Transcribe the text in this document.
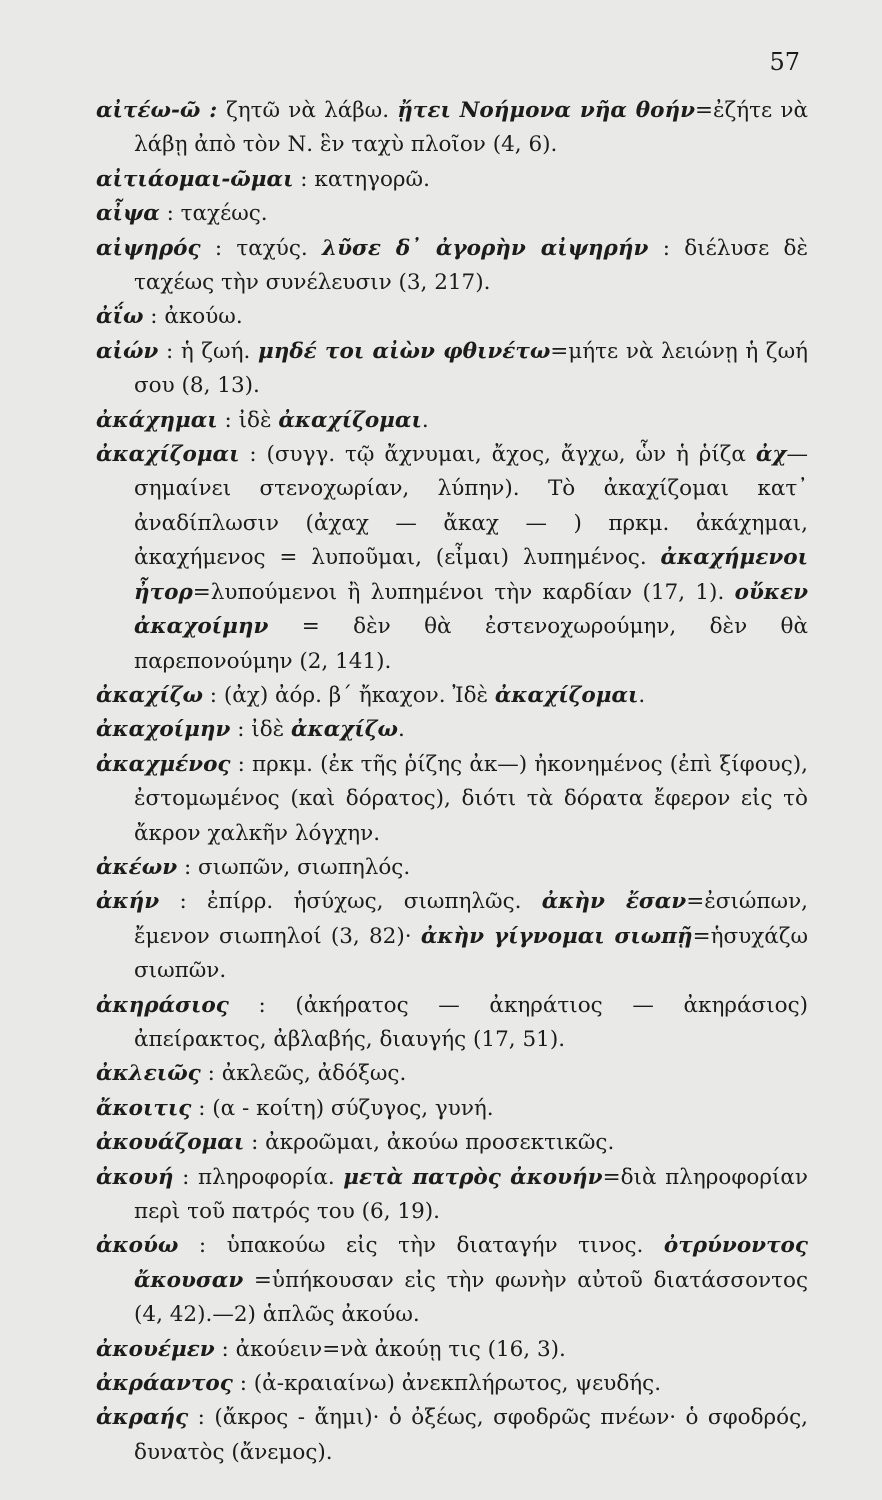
57
αἰτέω-ῶ : ζητῶ νὰ λάβω. ᾔτει Νοήμονα νῆα θοήν=ἐζήτε νὰ λάβῃ ἀπὸ τὸν Ν. ἓν ταχὺ πλοῖον (4, 6).
αἰτιάομαι-ῶμαι : κατηγορῶ.
αἶψα : ταχέως.
αἰψηρός : ταχύς. λῦσε δ᾽ ἀγορὴν αἰψηρήν : διέλυσε δὲ ταχέως τὴν συνέλευσιν (3, 217).
ἀΐω : ἀκούω.
αἰών : ἡ ζωή. μηδέ τοι αἰὼν φθινέτω=μήτε νὰ λειώνῃ ἡ ζωή σου (8, 13).
ἀκάχημαι : ἰδὲ ἀκαχίζομαι.
ἀκαχίζομαι : (συγγ. τῷ ἄχνυμαι, ἄχος, ἄγχω, ὧν ἡ ῥίζα ἀχ— σημαίνει στενοχωρίαν, λύπην). Τὸ ἀκαχίζομαι κατ᾽ ἀναδίπλωσιν (ἀχαχ — ἄκαχ — ) πρκμ. ἀκάχημαι, ἀκαχήμενος = λυποῦμαι, (εἶμαι) λυπημένος. ἀκαχήμενοι ἦτορ=λυπούμενοι ἢ λυπημένοι τὴν καρδίαν (17, 1). οὔκεν ἀκαχοίμην = δὲν θὰ ἐστενοχωρούμην, δὲν θὰ παρεπονούμην (2, 141).
ἀκαχίζω : (ἀχ) ἀόρ. β´ ἤκαχον. Ἰδὲ ἀκαχίζομαι.
ἀκαχοίμην : ἰδὲ ἀκαχίζω.
ἀκαχμένος : πρκμ. (ἐκ τῆς ῥίζης ἀκ—) ἠκονημένος (ἐπὶ ξίφους), ἐστομωμένος (καὶ δόρατος), διότι τὰ δόρατα ἔφερον εἰς τὸ ἄκρον χαλκῆν λόγχην.
ἀκέων : σιωπῶν, σιωπηλός.
ἀκήν : ἐπίρρ. ἡσύχως, σιωπηλῶς. ἀκὴν ἔσαν=ἐσιώπων, ἔμενον σιωπηλοί (3, 82)· ἀκὴν γίγνομαι σιωπῇ=ἡσυχάζω σιωπῶν.
ἀκηράσιος : (ἀκήρατος — ἀκηράτιος — ἀκηράσιος) ἀπείρακτος, ἀβλαβής, διαυγής (17, 51).
ἀκλειῶς : ἀκλεῶς, ἀδόξως.
ἄκοιτις : (α - κοίτη) σύζυγος, γυνή.
ἀκουάζομαι : ἀκροῶμαι, ἀκούω προσεκτικῶς.
ἀκουή : πληροφορία. μετὰ πατρὸς ἀκουήν=διὰ πληροφορίαν περὶ τοῦ πατρός του (6, 19).
ἀκούω : ὑπακούω εἰς τὴν διαταγήν τινος. ὀτρύνοντος ἄκουσαν =ὑπήκουσαν εἰς τὴν φωνὴν αὐτοῦ διατάσσοντος (4, 42).—2) ἁπλῶς ἀκούω.
ἀκουέμεν : ἀκούειν=νὰ ἀκούῃ τις (16, 3).
ἀκράαντος : (ἀ-κραιαίνω) ἀνεκπλήρωτος, ψευδής.
ἀκραής : (ἄκρος - ἄημι)· ὁ ὀξέως, σφοδρῶς πνέων· ὁ σφοδρός, δυνατὸς (ἄνεμος).
